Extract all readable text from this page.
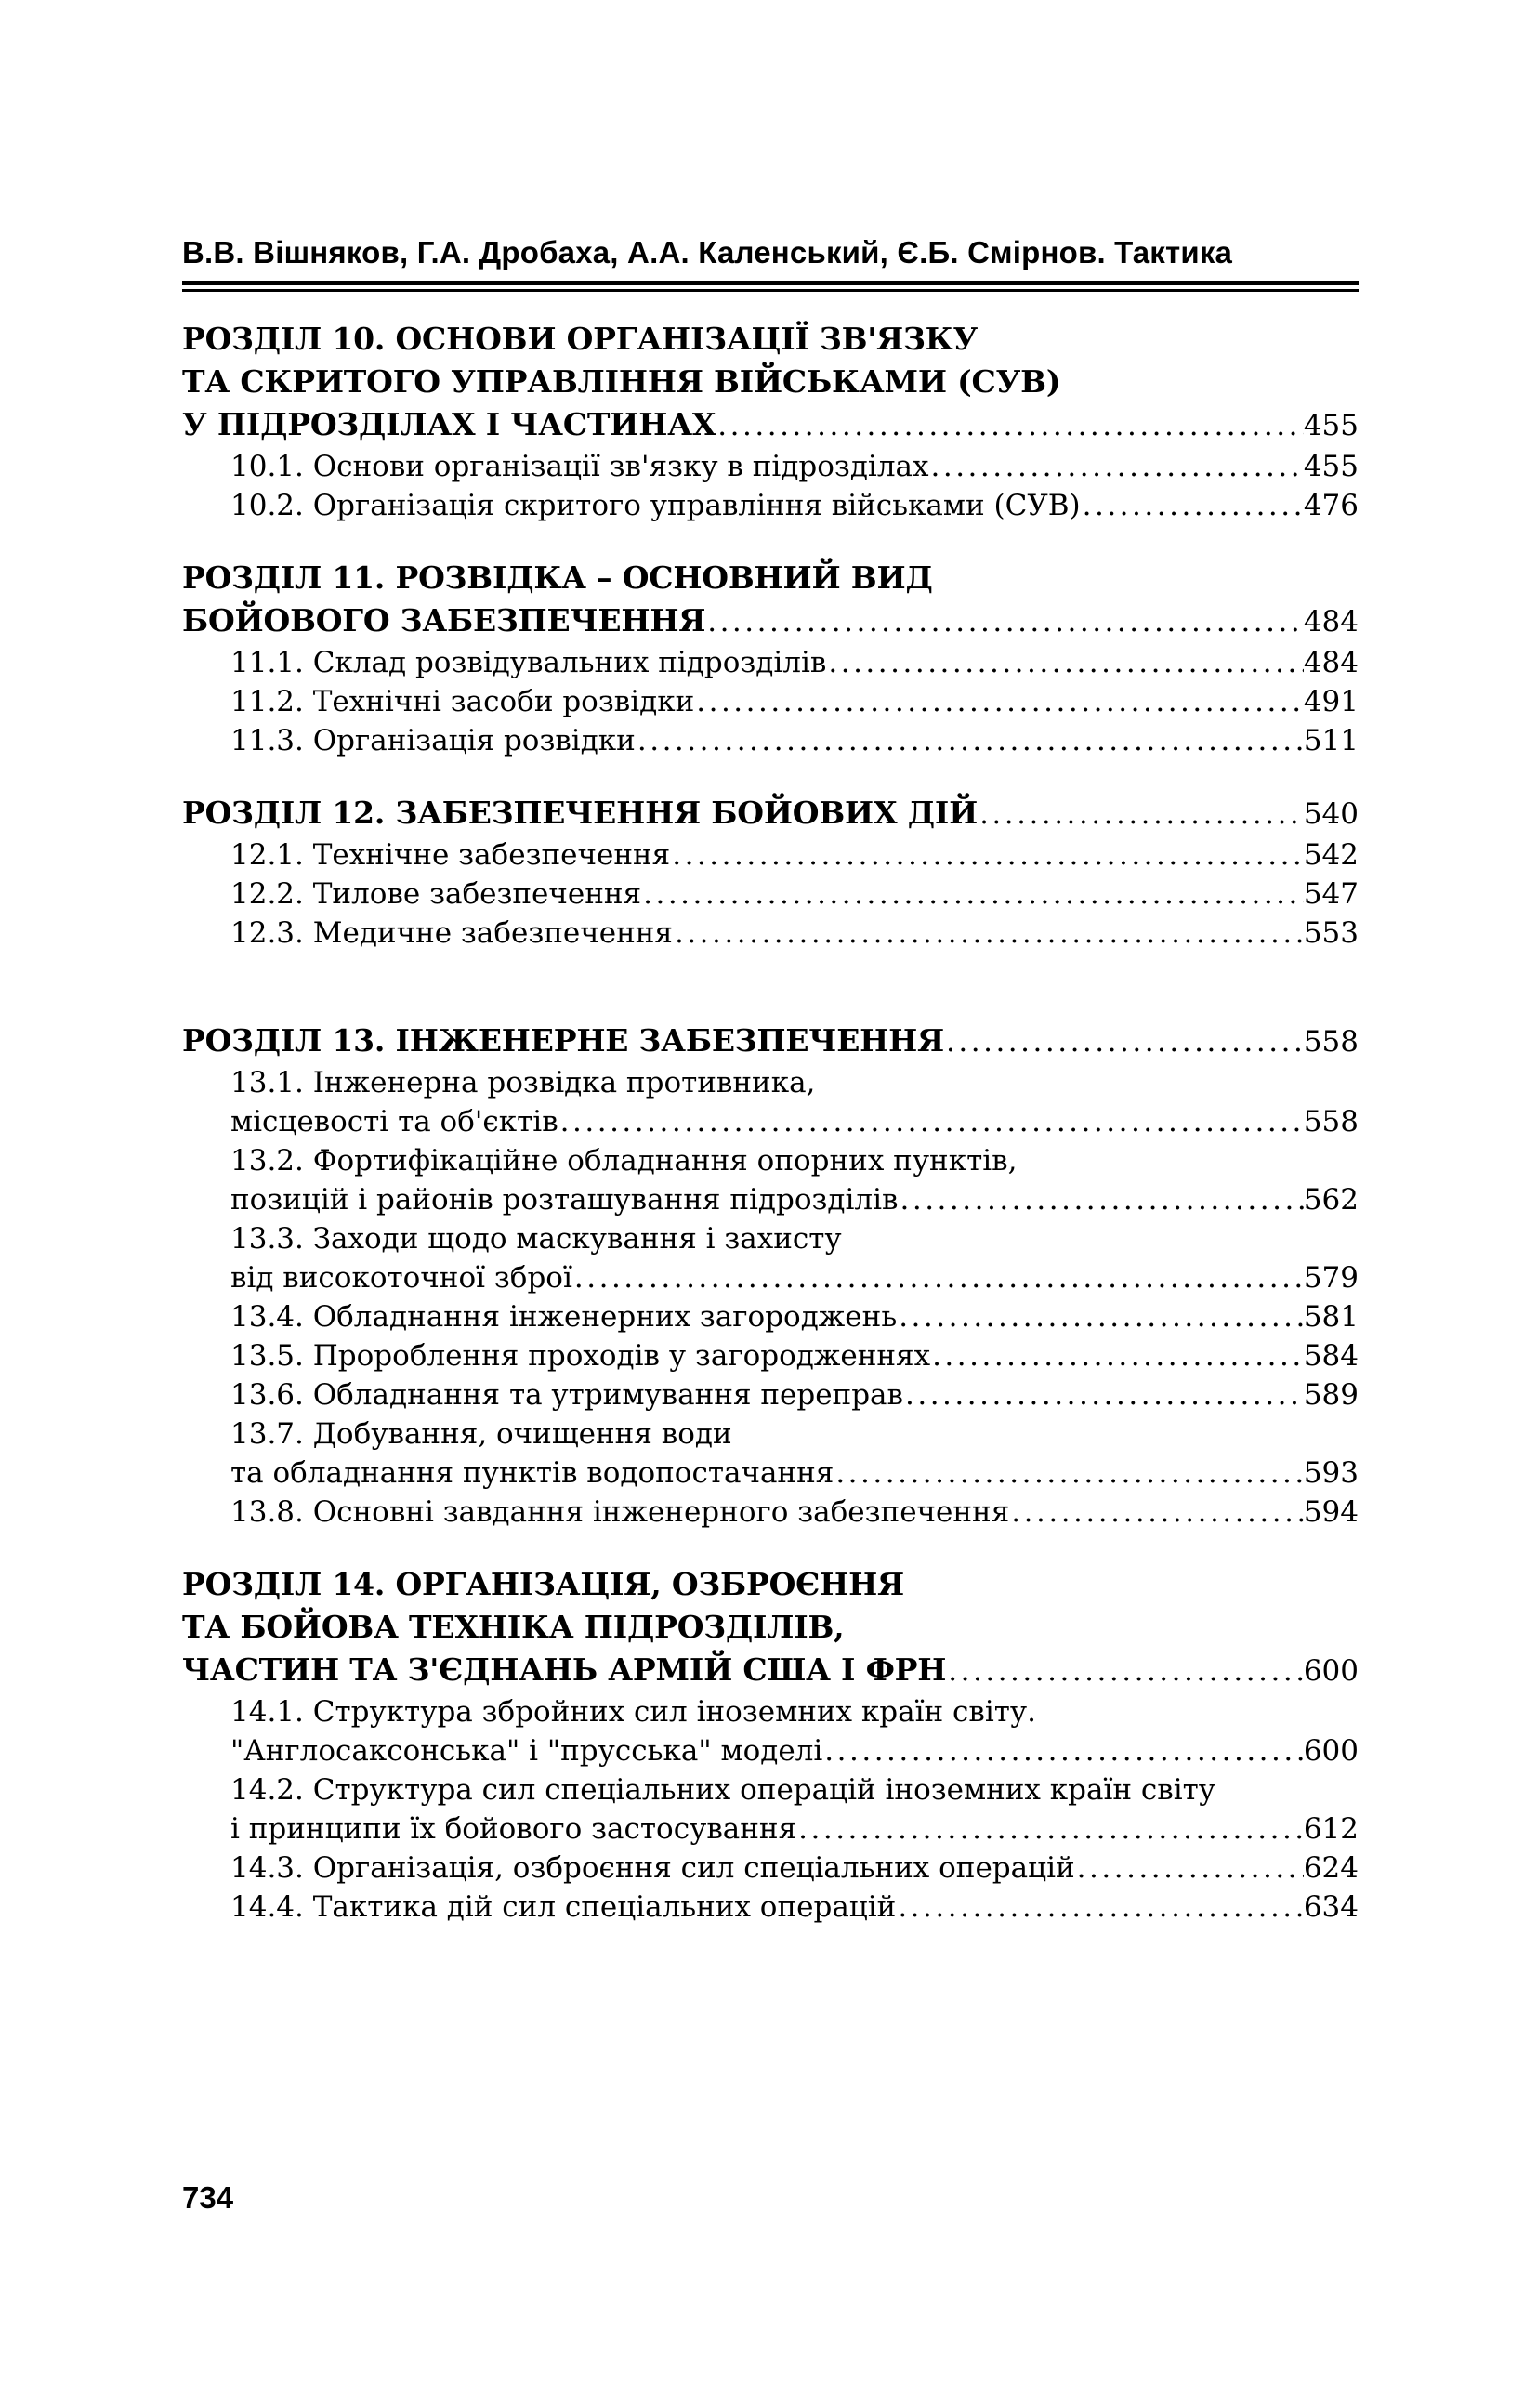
В.В. Вішняков, Г.А. Дробаха, А.А. Каленський, Є.Б. Смірнов. Тактика
РОЗДІЛ 10. ОСНОВИ ОРГАНІЗАЦІЇ ЗВ'ЯЗКУ
ТА СКРИТОГО УПРАВЛІННЯ ВІЙСЬКАМИ (СУВ)
У ПІДРОЗДІЛАХ І ЧАСТИНАХ .....	455
10.1. Основи організації зв'язку в підрозділах .....	455
10.2. Організація скритого управління військами (СУВ) .....	476
РОЗДІЛ 11. РОЗВІДКА – ОСНОВНИЙ ВИД
БОЙОВОГО ЗАБЕЗПЕЧЕННЯ .....	484
11.1. Склад розвідувальних підрозділів .....	484
11.2. Технічні засоби розвідки .....	491
11.3. Організація розвідки .....	511
РОЗДІЛ 12. ЗАБЕЗПЕЧЕННЯ БОЙОВИХ ДІЙ .....	540
12.1. Технічне забезпечення .....	542
12.2. Тилове забезпечення .....	547
12.3. Медичне забезпечення .....	553
РОЗДІЛ 13. ІНЖЕНЕРНЕ ЗАБЕЗПЕЧЕННЯ .....	558
13.1. Інженерна розвідка противника,
місцевості та об'єктів .....	558
13.2. Фортифікаційне обладнання опорних пунктів,
позицій і районів розташування підрозділів .....	562
13.3. Заходи щодо маскування і захисту
від високоточної зброї .....	579
13.4. Обладнання інженерних загороджень .....	581
13.5. Пророблення проходів у загородженнях .....	584
13.6. Обладнання та утримування переправ .....	589
13.7. Добування, очищення води
та обладнання пунктів водопостачання .....	593
13.8. Основні завдання інженерного забезпечення .....	594
РОЗДІЛ 14. ОРГАНІЗАЦІЯ, ОЗБРОЄННЯ
ТА БОЙОВА ТЕХНІКА ПІДРОЗДІЛІВ,
ЧАСТИН ТА З'ЄДНАНЬ АРМІЙ США І ФРН .....	600
14.1. Структура збройних сил іноземних країн світу.
"Англосаксонська" і "прусська" моделі .....	600
14.2. Структура сил спеціальних операцій іноземних країн світу
і принципи їх бойового застосування .....	612
14.3. Організація, озброєння сил спеціальних операцій .....	624
14.4. Тактика дій сил спеціальних операцій .....	634
734
